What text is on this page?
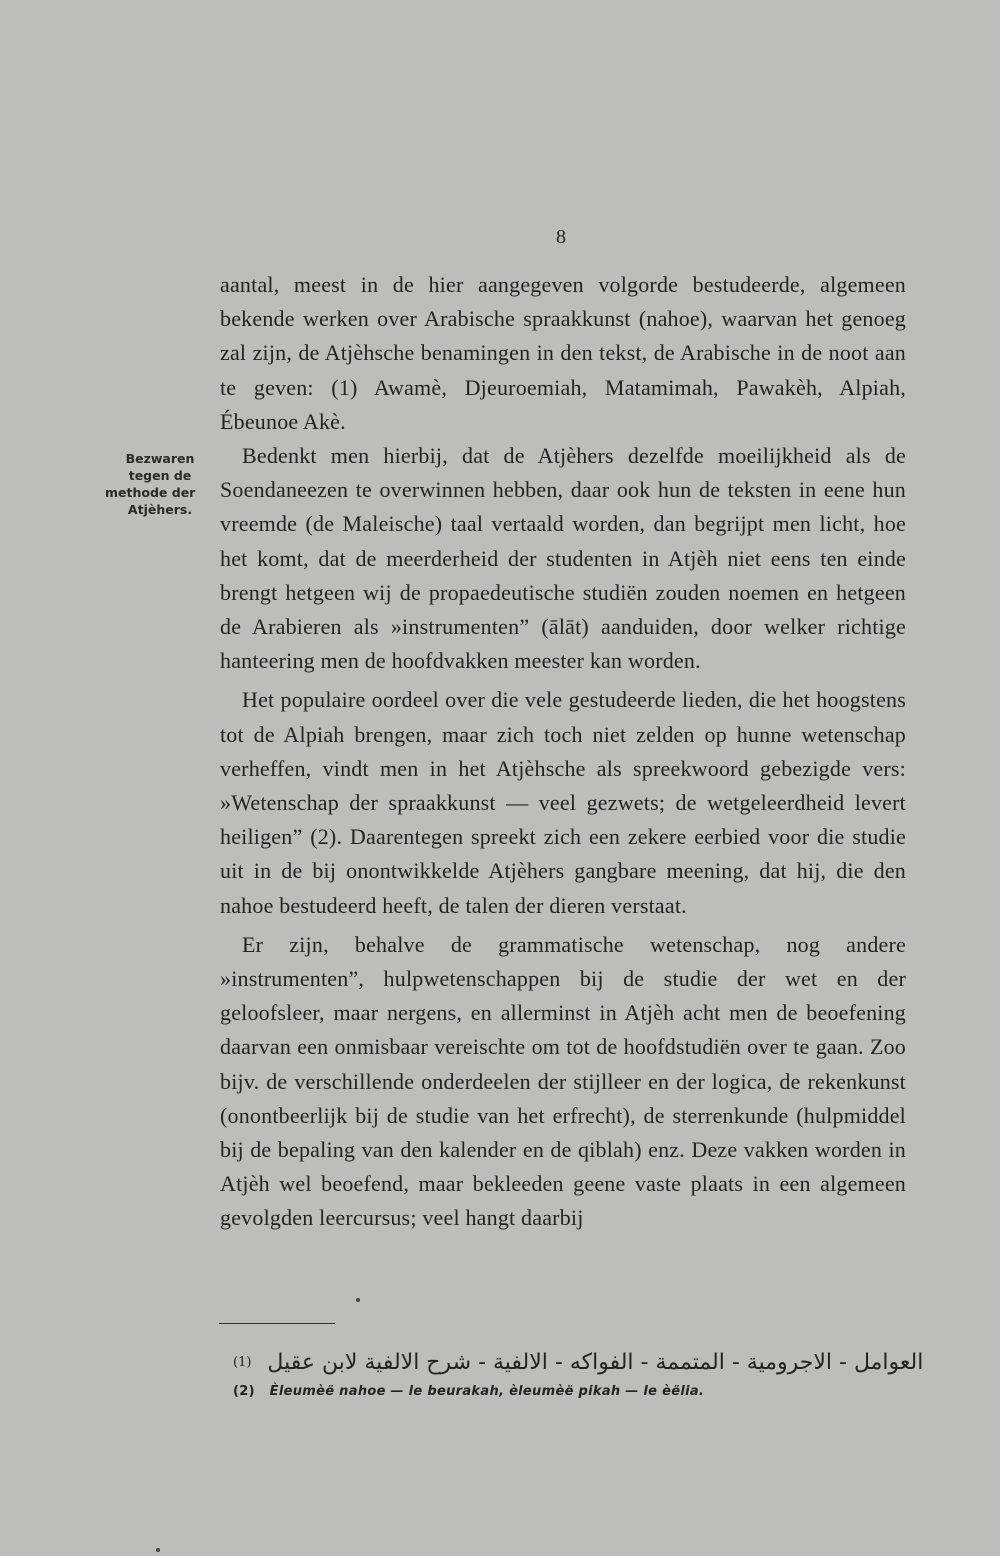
8
Bezwaren
tegen de
methode der
Atjèhers.

aantal, meest in de hier aangegeven volgorde bestudeerde, algemeen bekende werken over Arabische spraakkunst (nahoe), waarvan het genoeg zal zijn, de Atjèhsche benamingen in den tekst, de Arabische in de noot aan te geven: (1) Awamè, Djeuroemiah, Matamimah, Pawakèh, Alpiah, Ébeunoe Akè.

Bedenkt men hierbij, dat de Atjèhers dezelfde moeilijkheid als de Soendaneezen te overwinnen hebben, daar ook hun de teksten in eene hun vreemde (de Maleische) taal vertaald worden, dan begrijpt men licht, hoe het komt, dat de meerderheid der studenten in Atjèh niet eens ten einde brengt hetgeen wij de propaedeutische studiën zouden noemen en hetgeen de Arabieren als »instrumenten” (ālāt) aanduiden, door welker richtige hanteering men de hoofdvakken meester kan worden.

Het populaire oordeel over die vele gestudeerde lieden, die het hoogstens tot de Alpiah brengen, maar zich toch niet zelden op hunne wetenschap verheffen, vindt men in het Atjèhsche als spreekwoord gebezigde vers: »Wetenschap der spraakkunst — veel gezwets; de wetgeleerdheid levert heiligen” (2). Daarentegen spreekt zich een zekere eerbied voor die studie uit in de bij onontwikkelde Atjèhers gangbare meening, dat hij, die den nahoe bestudeerd heeft, de talen der dieren verstaat.

Er zijn, behalve de grammatische wetenschap, nog andere »instrumenten”, hulpwetenschappen bij de studie der wet en der geloofsleer, maar nergens, en allerminst in Atjèh acht men de beoefening daarvan een onmisbaar vereischte om tot de hoofdstudiën over te gaan. Zoo bijv. de verschillende onderdeelen der stijlleer en der logica, de rekenkunst (onontbeerlijk bij de studie van het erfrecht), de sterrenkunde (hulpmiddel bij de bepaling van den kalender en de qiblah) enz. Deze vakken worden in Atjèh wel beoefend, maar bekleeden geene vaste plaats in een algemeen gevolgden leercursus; veel hangt daarbij

(1) العوامل - الاجرومية - المتممة - الفواكه - الالفية - شرح الالفية لابن عقيل
(2) Èleumèë nahoe — le beurakah, èleumèë pikah — le èëlia.
